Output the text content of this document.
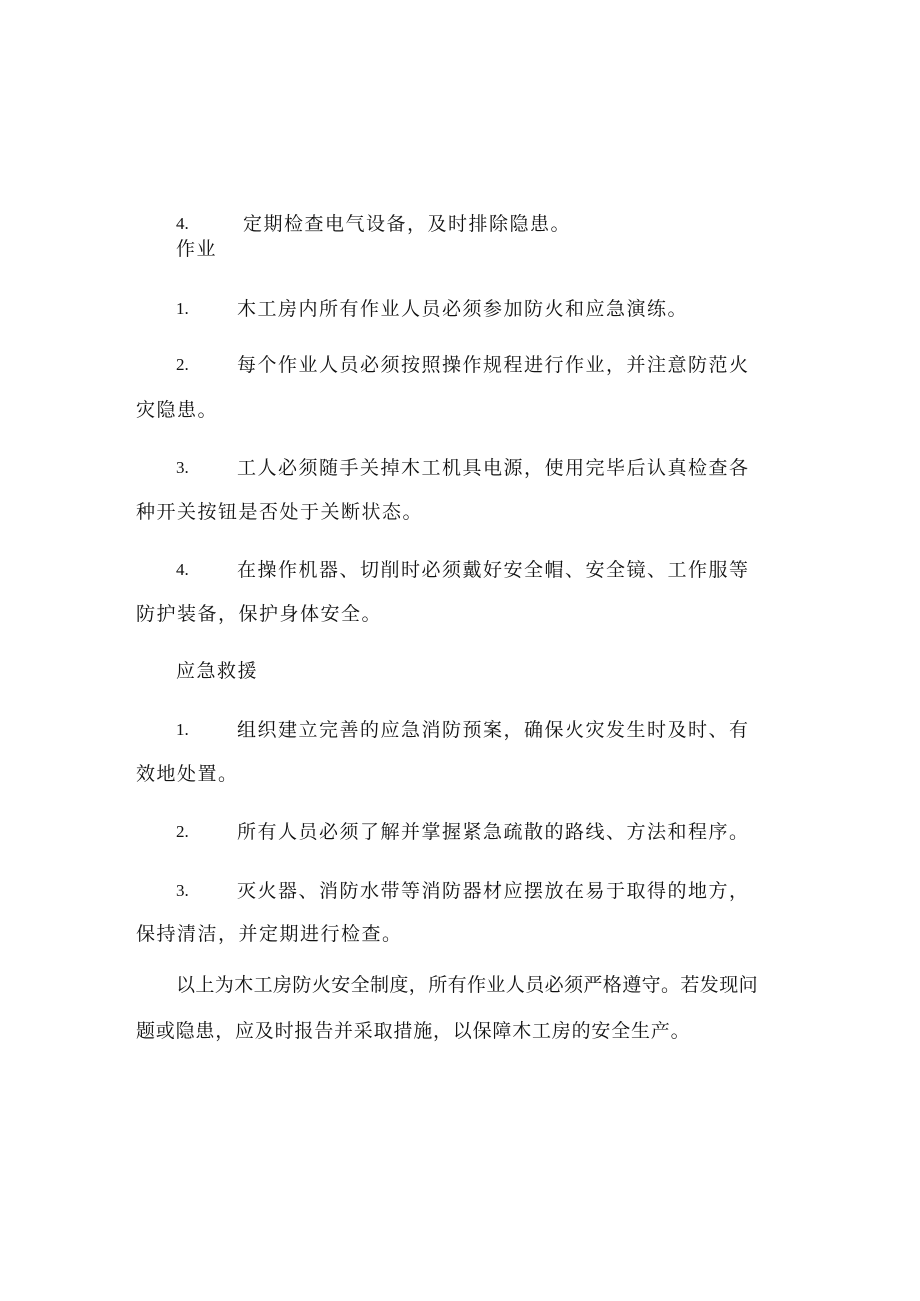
4.	定期检查电气设备，及时排除隐患。
作业
1.	木工房内所有作业人员必须参加防火和应急演练。
2.	每个作业人员必须按照操作规程进行作业，并注意防范火
灾隐患。
3.	工人必须随手关掉木工机具电源，使用完毕后认真检查各
种开关按钮是否处于关断状态。
4.	在操作机器、切削时必须戴好安全帽、安全镜、工作服等
防护装备，保护身体安全。
应急救援
1.	组织建立完善的应急消防预案，确保火灾发生时及时、有
效地处置。
2.	所有人员必须了解并掌握紧急疏散的路线、方法和程序。
3.	灭火器、消防水带等消防器材应摆放在易于取得的地方，
保持清洁，并定期进行检查。
以上为木工房防火安全制度，所有作业人员必须严格遵守。若发现问
题或隐患，应及时报告并采取措施，以保障木工房的安全生产。
